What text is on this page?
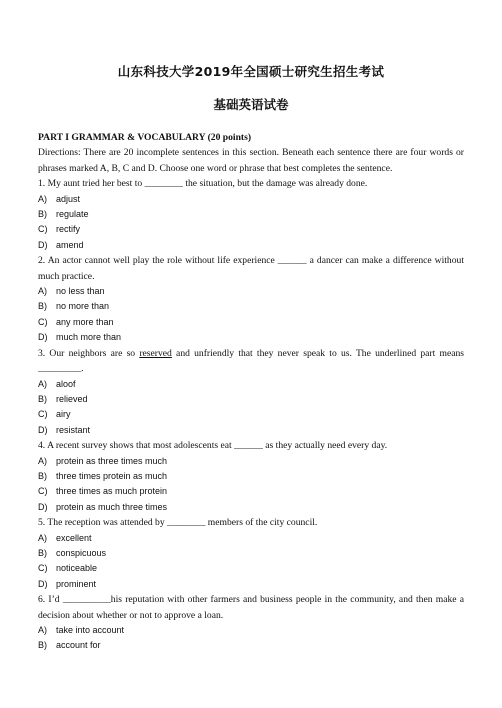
山东科技大学2019年全国硕士研究生招生考试
基础英语试卷

PART I GRAMMAR & VOCABULARY (20 points)

Directions: There are 20 incomplete sentences in this section. Beneath each sentence there are four words or phrases marked A, B, C and D. Choose one word or phrase that best completes the sentence.

1. My aunt tried her best to ________ the situation, but the damage was already done.

A)	adjust
B)	regulate
C) rectify
D) amend

2. An actor cannot well play the role without life experience ______ a dancer can make a difference without much practice.

A)	no less than
B)	no more than
C) any more than
D) much more than

3. Our neighbors are so reserved and unfriendly that they never speak to us. The underlined part means _________.

A)	aloof
B)	relieved
C) airy
D) resistant

4. A recent survey shows that most adolescents eat ______ as they actually need every day.

A)	protein as three times much
B)	three times protein as much
C) three times as much protein
D) protein as much three times

5. The reception was attended by ________ members of the city council.

A)	excellent
B)	conspicuous
C) noticeable
D) prominent

6. I’d __________his reputation with other farmers and business people in the community, and then make a decision about whether or not to approve a loan.

A)	take into account
B)	account for
